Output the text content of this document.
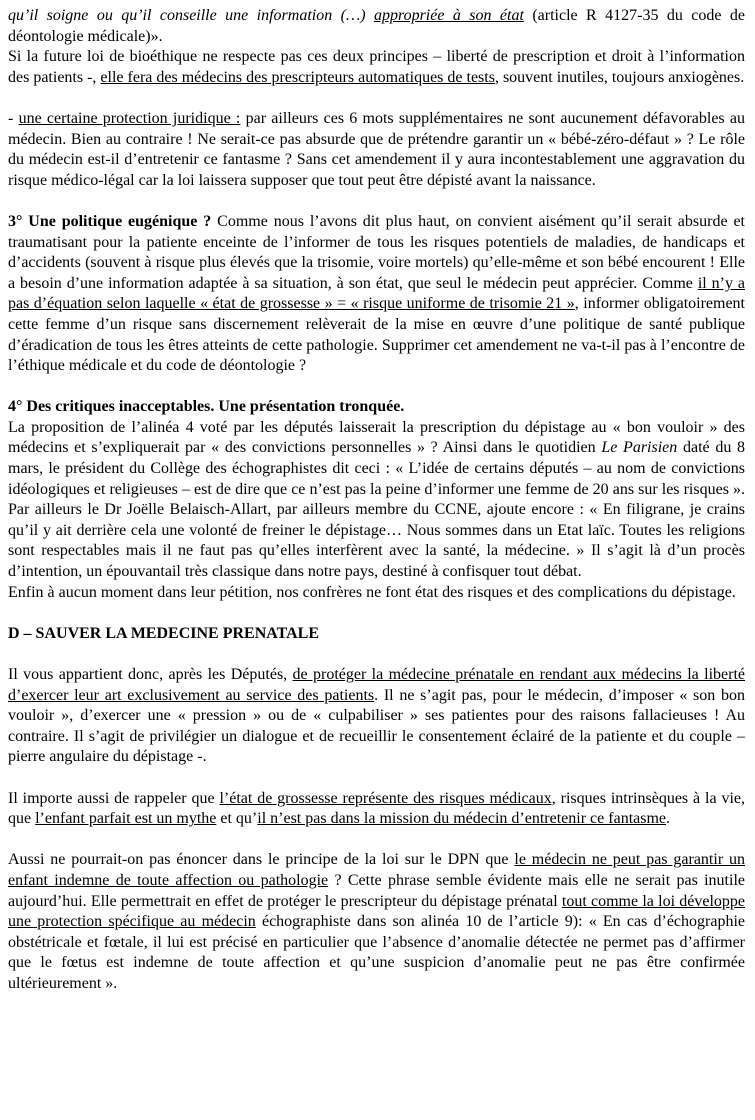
qu’il soigne ou qu’il conseille une information (…) appropriée à son état (article R 4127-35 du code de déontologie médicale)».
Si la future loi de bioéthique ne respecte pas ces deux principes – liberté de prescription et droit à l’information des patients -, elle fera des médecins des prescripteurs automatiques de tests, souvent inutiles, toujours anxiogènes.
- une certaine protection juridique : par ailleurs ces 6 mots supplémentaires ne sont aucunement défavorables au médecin. Bien au contraire ! Ne serait-ce pas absurde que de prétendre garantir un « bébé-zéro-défaut » ? Le rôle du médecin est-il d’entretenir ce fantasme ? Sans cet amendement il y aura incontestablement une aggravation du risque médico-légal car la loi laissera supposer que tout peut être dépisté avant la naissance.
3° Une politique eugénique ? Comme nous l’avons dit plus haut, on convient aisément qu’il serait absurde et traumatisant pour la patiente enceinte de l’informer de tous les risques potentiels de maladies, de handicaps et d’accidents (souvent à risque plus élevés que la trisomie, voire mortels) qu’elle-même et son bébé encourent ! Elle a besoin d’une information adaptée à sa situation, à son état, que seul le médecin peut apprécier. Comme il n’y a pas d’équation selon laquelle « état de grossesse » = « risque uniforme de trisomie 21 », informer obligatoirement cette femme d’un risque sans discernement relèverait de la mise en œuvre d’une politique de santé publique d’éradication de tous les êtres atteints de cette pathologie. Supprimer cet amendement ne va-t-il pas à l’encontre de l’éthique médicale et du code de déontologie ?
4° Des critiques inacceptables. Une présentation tronquée.
La proposition de l’alinéa 4 voté par les députés laisserait la prescription du dépistage au « bon vouloir » des médecins et s’expliquerait par « des convictions personnelles » ? Ainsi dans le quotidien Le Parisien daté du 8 mars, le président du Collège des échographistes dit ceci : « L’idée de certains députés – au nom de convictions idéologiques et religieuses – est de dire que ce n’est pas la peine d’informer une femme de 20 ans sur les risques ». Par ailleurs le Dr Joëlle Belaisch-Allart, par ailleurs membre du CCNE, ajoute encore : « En filigrane, je crains qu’il y ait derrière cela une volonté de freiner le dépistage… Nous sommes dans un Etat laïc. Toutes les religions sont respectables mais il ne faut pas qu’elles interfèrent avec la santé, la médecine. » Il s’agit là d’un procès d’intention, un épouvantail très classique dans notre pays, destiné à confisquer tout débat.
Enfin à aucun moment dans leur pétition, nos confrères ne font état des risques et des complications du dépistage.
D – SAUVER LA MEDECINE PRENATALE
Il vous appartient donc, après les Députés, de protéger la médecine prénatale en rendant aux médecins la liberté d’exercer leur art exclusivement au service des patients. Il ne s’agit pas, pour le médecin, d’imposer « son bon vouloir », d’exercer une « pression » ou de « culpabiliser » ses patientes pour des raisons fallacieuses ! Au contraire. Il s’agit de privilégier un dialogue et de recueillir le consentement éclairé de la patiente et du couple – pierre angulaire du dépistage -.
Il importe aussi de rappeler que l’état de grossesse représente des risques médicaux, risques intrinsèques à la vie, que l’enfant parfait est un mythe et qu’il n’est pas dans la mission du médecin d’entretenir ce fantasme.
Aussi ne pourrait-on pas énoncer dans le principe de la loi sur le DPN que le médecin ne peut pas garantir un enfant indemne de toute affection ou pathologie ? Cette phrase semble évidente mais elle ne serait pas inutile aujourd’hui. Elle permettrait en effet de protéger le prescripteur du dépistage prénatal tout comme la loi développe une protection spécifique au médecin échographiste dans son alinéa 10 de l’article 9): « En cas d’échographie obstétricale et fœtale, il lui est précisé en particulier que l’absence d’anomalie détectée ne permet pas d’affirmer que le fœtus est indemne de toute affection et qu’une suspicion d’anomalie peut ne pas être confirmée ultérieurement ».
